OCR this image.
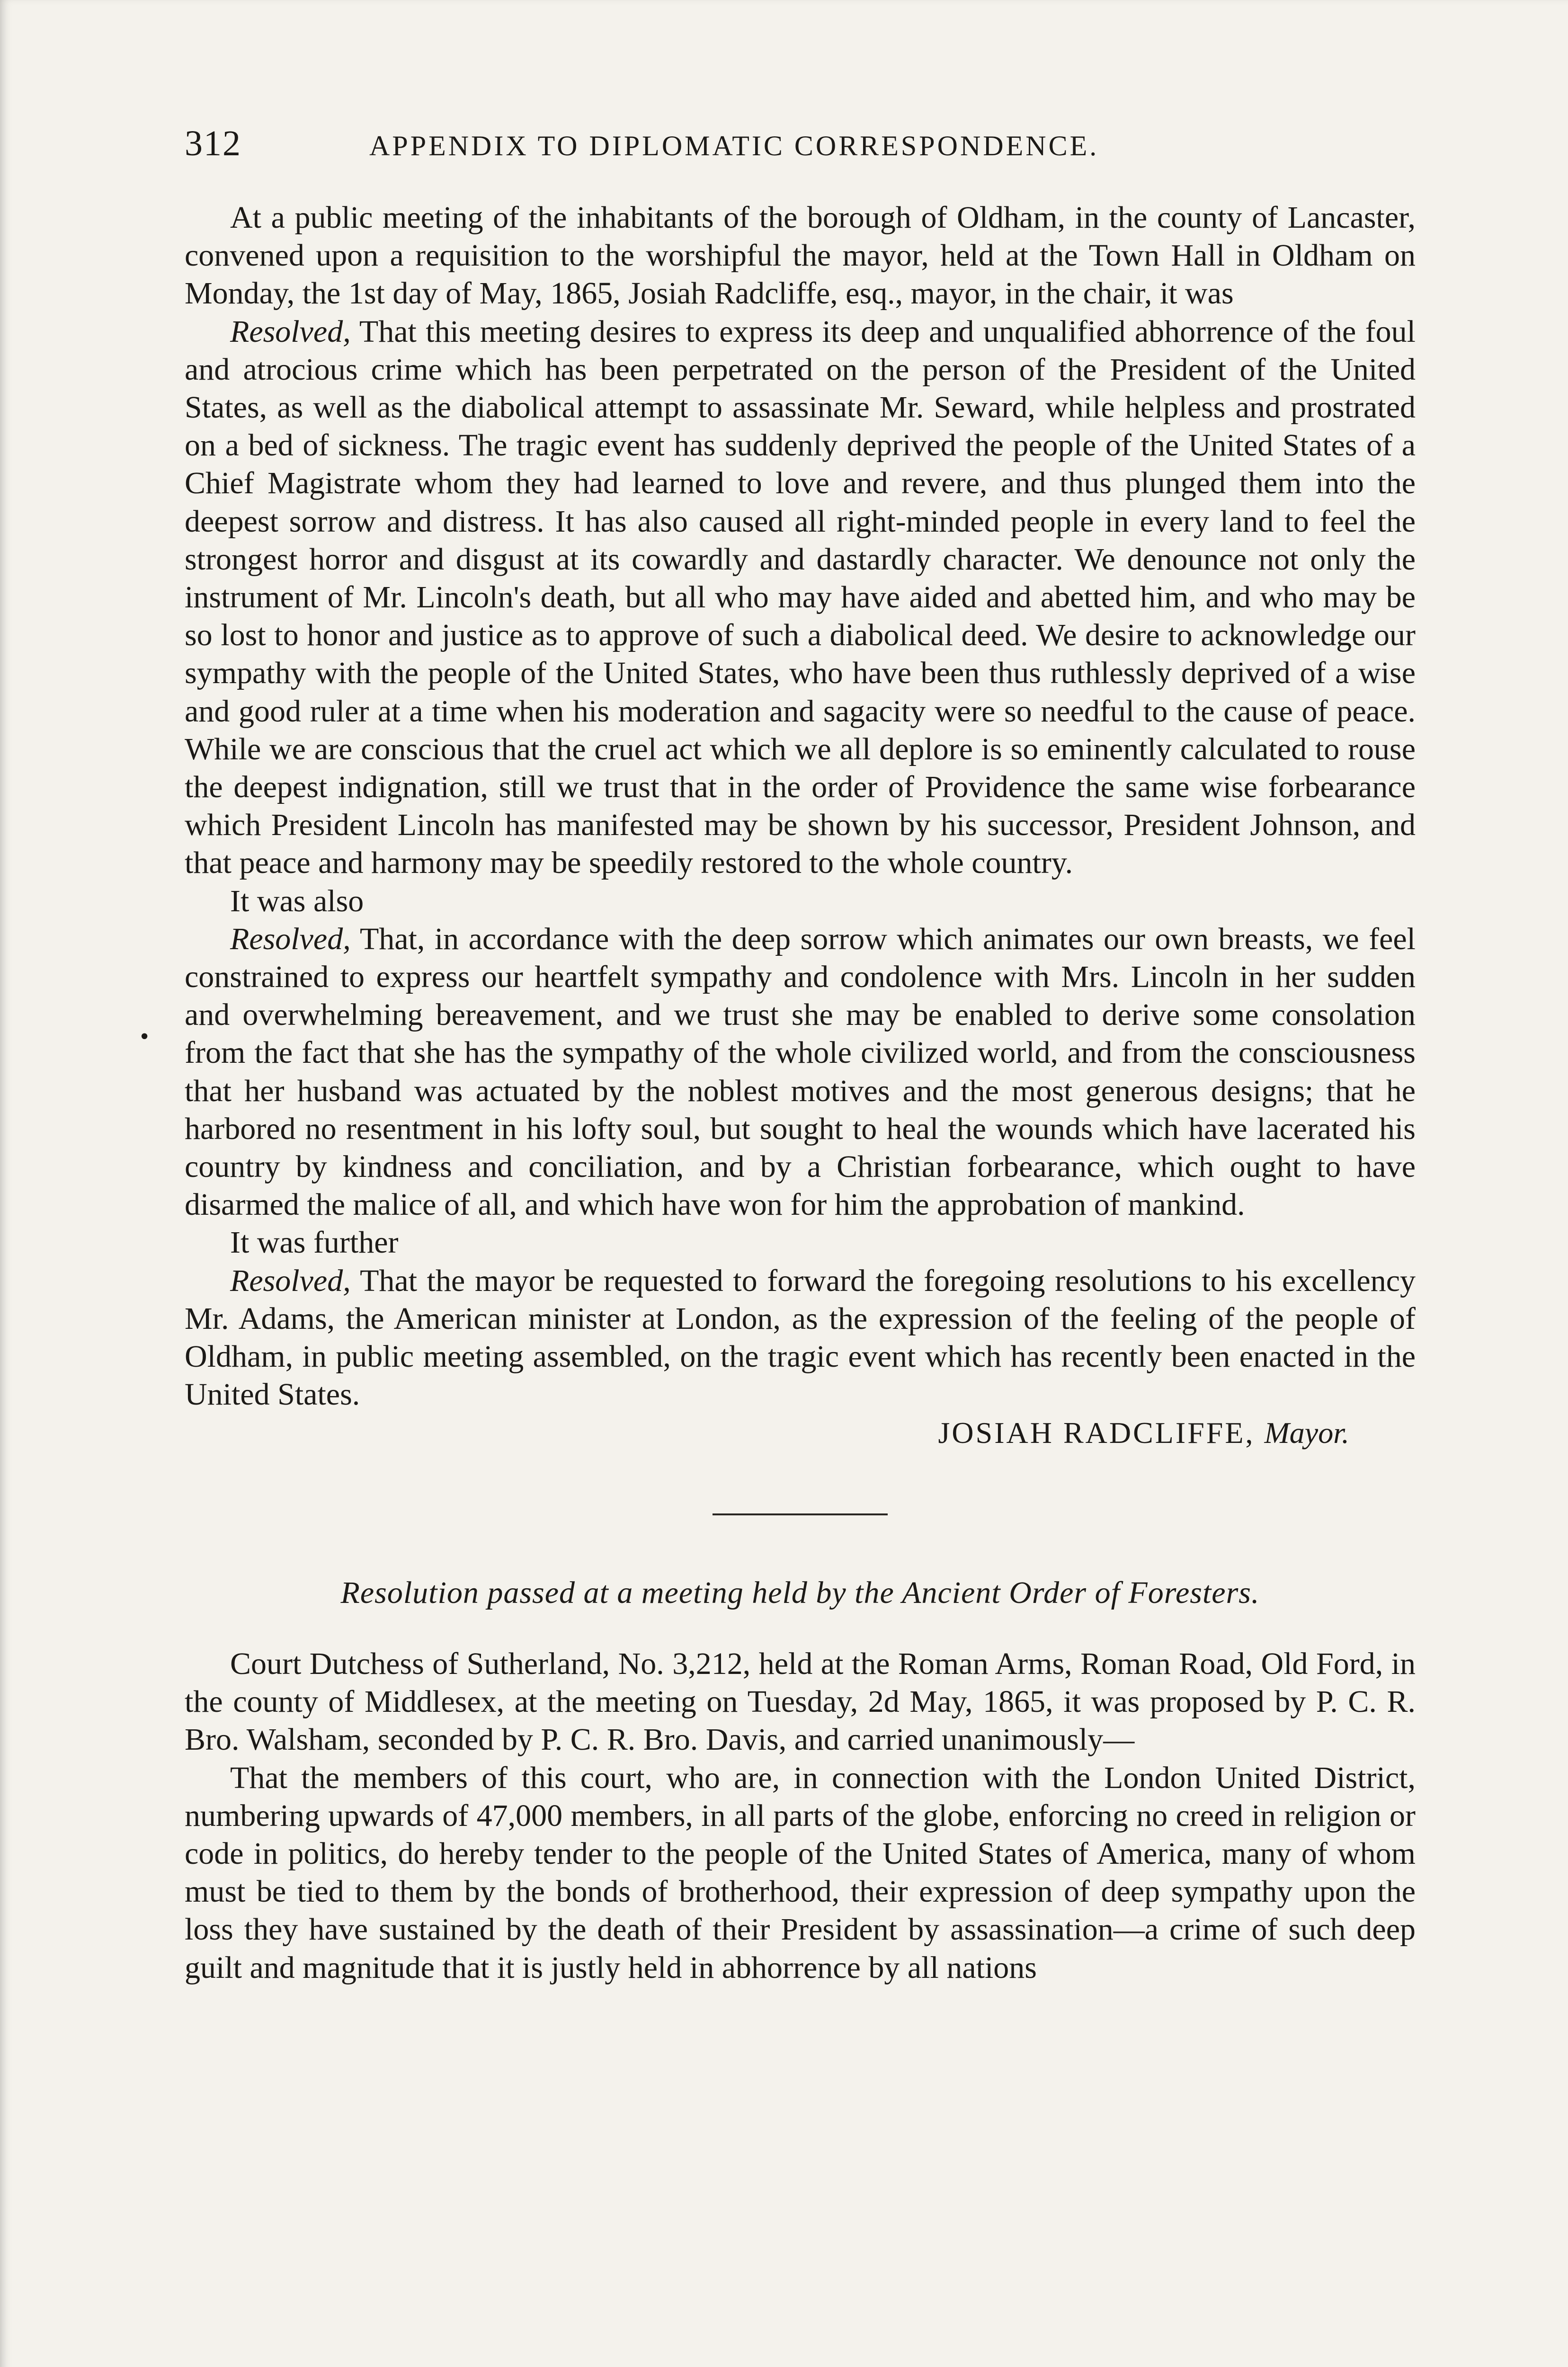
312	APPENDIX TO DIPLOMATIC CORRESPONDENCE.
•

At a public meeting of the inhabitants of the borough of Oldham, in the county of Lancaster, convened upon a requisition to the worshipful the mayor, held at the Town Hall in Oldham on Monday, the 1st day of May, 1865, Josiah Radcliffe, esq., mayor, in the chair, it was

Resolved, That this meeting desires to express its deep and unqualified abhorrence of the foul and atrocious crime which has been perpetrated on the person of the President of the United States, as well as the diabolical attempt to assassinate Mr. Seward, while helpless and prostrated on a bed of sickness. The tragic event has suddenly deprived the people of the United States of a Chief Magistrate whom they had learned to love and revere, and thus plunged them into the deepest sorrow and distress. It has also caused all right-minded people in every land to feel the strongest horror and disgust at its cowardly and dastardly character. We denounce not only the instrument of Mr. Lincoln's death, but all who may have aided and abetted him, and who may be so lost to honor and justice as to approve of such a diabolical deed. We desire to acknowledge our sympathy with the people of the United States, who have been thus ruthlessly deprived of a wise and good ruler at a time when his moderation and sagacity were so needful to the cause of peace. While we are conscious that the cruel act which we all deplore is so eminently calculated to rouse the deepest indignation, still we trust that in the order of Providence the same wise forbearance which President Lincoln has manifested may be shown by his successor, President Johnson, and that peace and harmony may be speedily restored to the whole country.

It was also

Resolved, That, in accordance with the deep sorrow which animates our own breasts, we feel constrained to express our heartfelt sympathy and condolence with Mrs. Lincoln in her sudden and overwhelming bereavement, and we trust she may be enabled to derive some consolation from the fact that she has the sympathy of the whole civilized world, and from the consciousness that her husband was actuated by the noblest motives and the most generous designs; that he harbored no resentment in his lofty soul, but sought to heal the wounds which have lacerated his country by kindness and conciliation, and by a Christian forbearance, which ought to have disarmed the malice of all, and which have won for him the approbation of mankind.

It was further

Resolved, That the mayor be requested to forward the foregoing resolutions to his excellency Mr. Adams, the American minister at London, as the expression of the feeling of the people of Oldham, in public meeting assembled, on the tragic event which has recently been enacted in the United States.

JOSIAH RADCLIFFE, Mayor.

Resolution passed at a meeting held by the Ancient Order of Foresters.

Court Dutchess of Sutherland, No. 3,212, held at the Roman Arms, Roman Road, Old Ford, in the county of Middlesex, at the meeting on Tuesday, 2d May, 1865, it was proposed by P. C. R. Bro. Walsham, seconded by P. C. R. Bro. Davis, and carried unanimously—

That the members of this court, who are, in connection with the London United District, numbering upwards of 47,000 members, in all parts of the globe, enforcing no creed in religion or code in politics, do hereby tender to the people of the United States of America, many of whom must be tied to them by the bonds of brotherhood, their expression of deep sympathy upon the loss they have sustained by the death of their President by assassination—a crime of such deep guilt and magnitude that it is justly held in abhorrence by all nations
